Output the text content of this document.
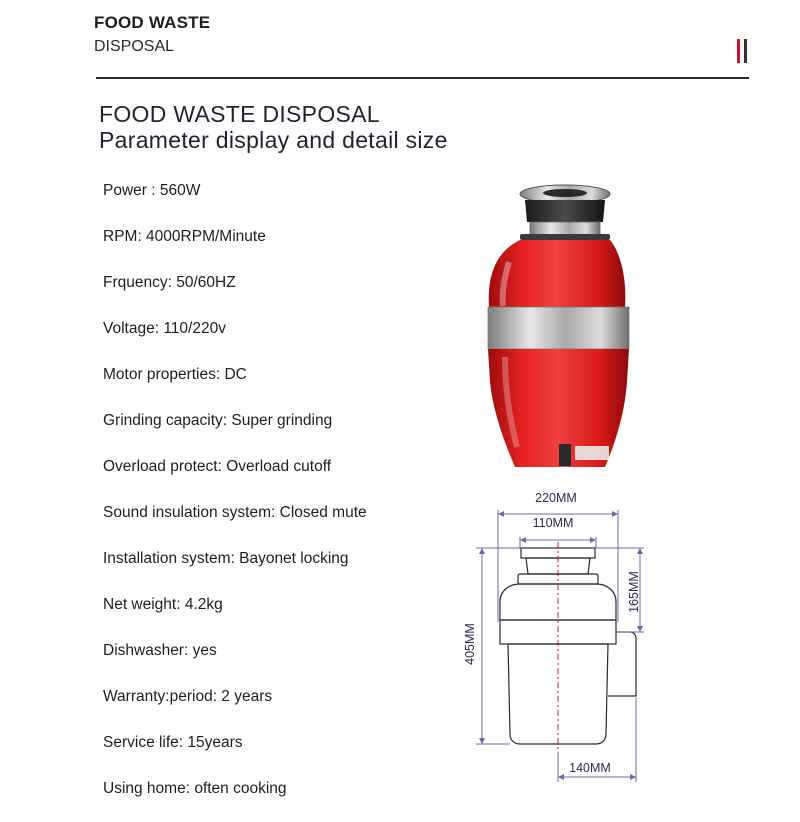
FOOD WASTE
DISPOSAL
FOOD WASTE DISPOSAL
Parameter display and detail size
Power : 560W
RPM: 4000RPM/Minute
Frquency: 50/60HZ
Voltage: 110/220v
Motor properties: DC
Grinding capacity: Super grinding
Overload protect: Overload cutoff
Sound insulation system: Closed mute
Installation system: Bayonet locking
Net weight: 4.2kg
Dishwasher: yes
Warranty:period: 2 years
Service life: 15years
Using home: often cooking
220MM
110MM
165MM
405MM
140MM
